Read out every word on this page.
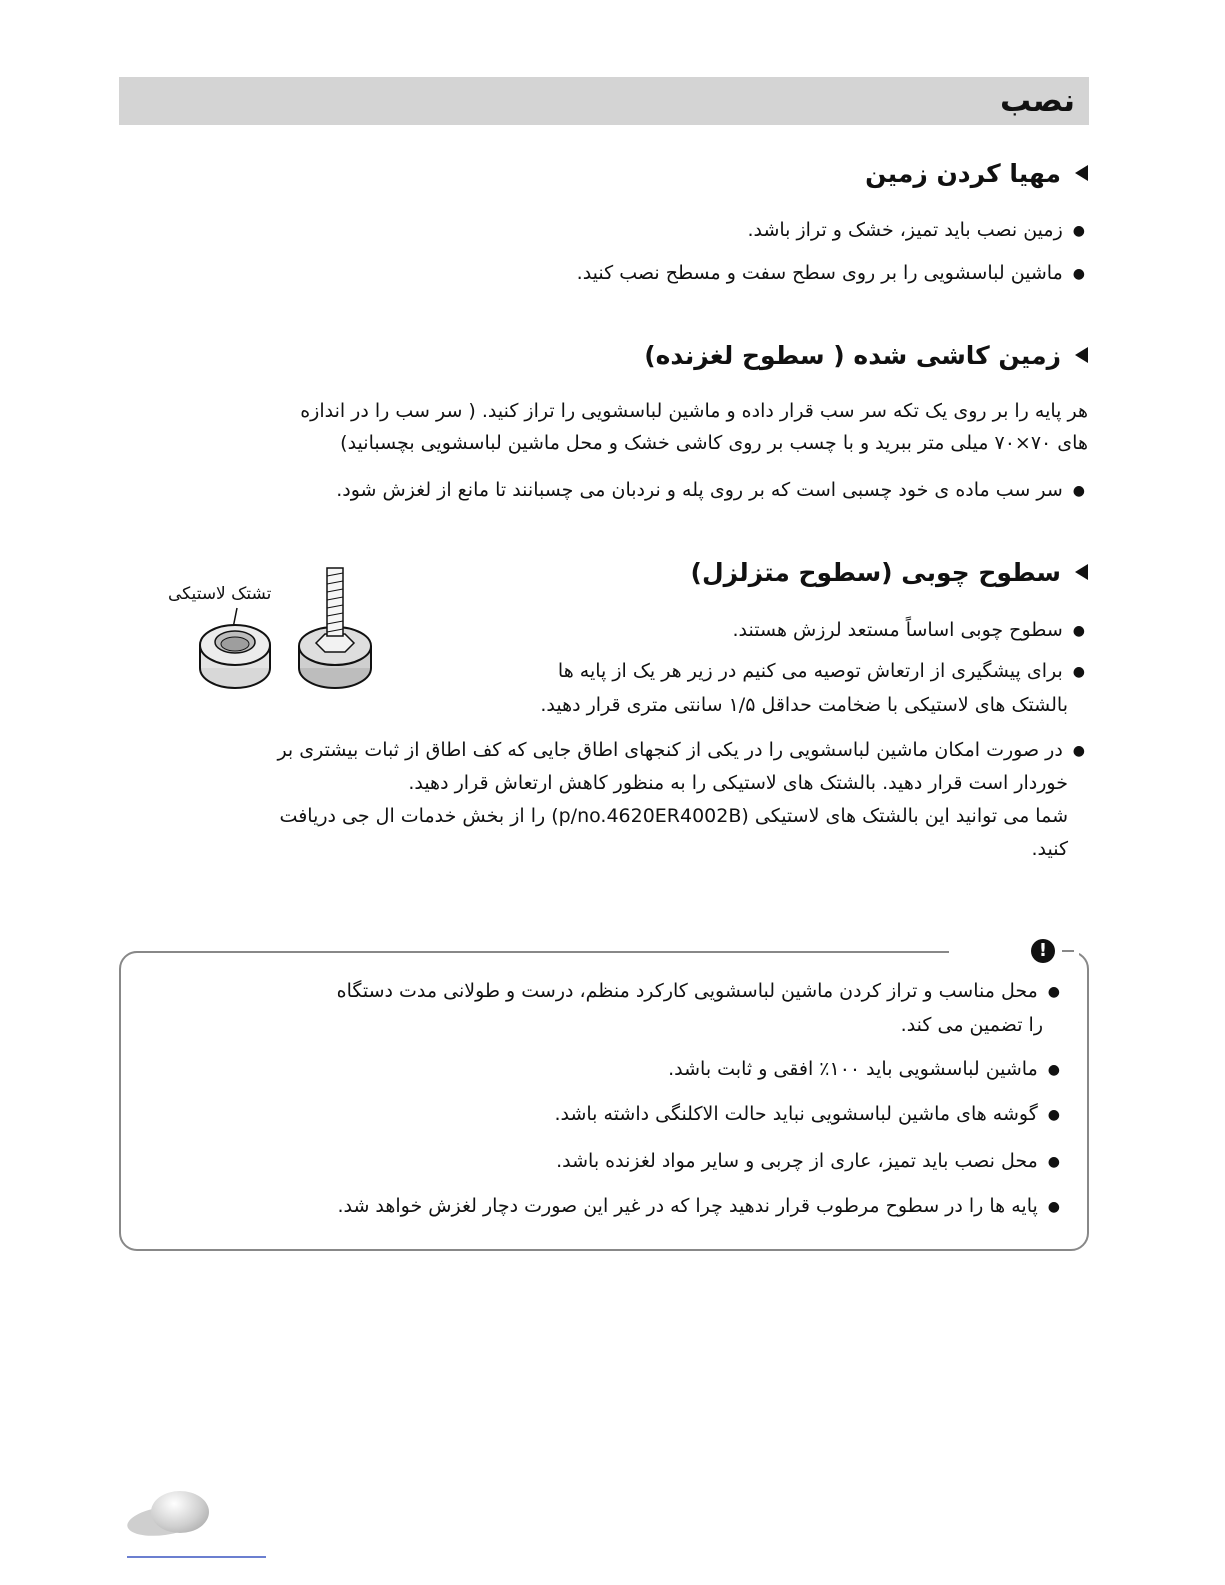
نصب
مهیا کردن زمین
●زمین نصب باید تمیز، خشک و تراز باشد.
●ماشین لباسشویی را بر روی سطح سفت و مسطح نصب کنید.
زمین کاشی شده ( سطوح لغزنده)
هر پایه را بر روی یک تکه سر سب قرار داده و ماشین لباسشویی را تراز کنید. ( سر سب را در اندازه
های ۷۰×۷۰ میلی متر ببرید و با چسب بر روی کاشی خشک و محل ماشین لباسشویی بچسبانید)
●سر سب ماده ی خود چسبی است که بر روی پله و نردبان می چسبانند تا مانع از لغزش شود.
سطوح چوبی (سطوح متزلزل)
تشتک لاستیکی
●سطوح چوبی اساساً مستعد لرزش هستند.
●برای پیشگیری از ارتعاش توصیه می کنیم در زیر هر یک از پایه ها
بالشتک های لاستیکی با ضخامت حداقل ۱/۵ سانتی متری قرار دهید.
●در صورت امکان ماشین لباسشویی را در یکی از کنجهای اطاق جایی که کف اطاق از ثبات بیشتری بر
خوردار است قرار دهید. بالشتک های لاستیکی را به منظور کاهش ارتعاش قرار دهید.
شما می توانید این بالشتک های لاستیکی (p/no.4620ER4002B) را از بخش خدمات ال جی دریافت
کنید.
!
●محل مناسب و تراز کردن ماشین لباسشویی کارکرد منظم، درست و طولانی مدت دستگاه
را تضمین می کند.
●ماشین لباسشویی باید ۱۰۰٪ افقی و ثابت باشد.
●گوشه های ماشین لباسشویی نباید حالت الاکلنگی داشته باشد.
●محل نصب باید تمیز، عاری از چربی و سایر مواد لغزنده باشد.
●پایه ها را در سطوح مرطوب قرار ندهید چرا که در غیر این صورت دچار لغزش خواهد شد.
